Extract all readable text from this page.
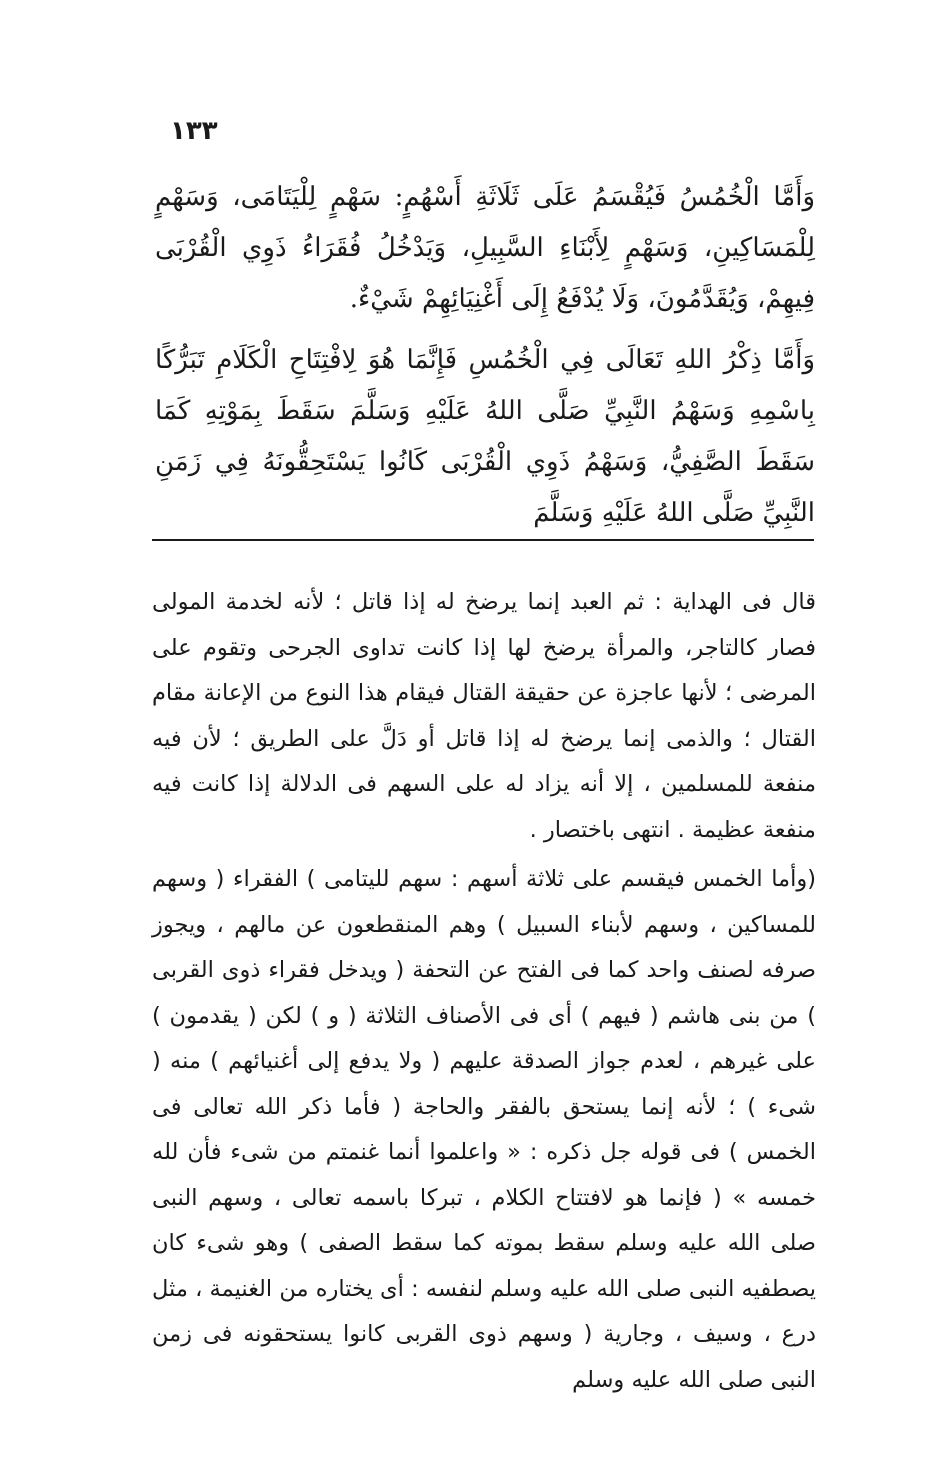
١٣٣

وَأَمَّا الْخُمُسُ فَيُقْسَمُ عَلَى ثَلَاثَةِ أَسْهُمٍ: سَهْمٍ لِلْيَتَامَى، وَسَهْمٍ لِلْمَسَاكِينِ، وَسَهْمٍ لِأَبْنَاءِ السَّبِيلِ، وَيَدْخُلُ فُقَرَاءُ ذَوِي الْقُرْبَى فِيهِمْ، وَيُقَدَّمُونَ، وَلَا يُدْفَعُ إِلَى أَغْنِيَائِهِمْ شَيْءٌ.

وَأَمَّا ذِكْرُ اللهِ تَعَالَى فِي الْخُمُسِ فَإِنَّمَا هُوَ لِافْتِتَاحِ الْكَلَامِ تَبَرُّكًا بِاسْمِهِ وَسَهْمُ النَّبِيِّ صَلَّى اللهُ عَلَيْهِ وَسَلَّمَ سَقَطَ بِمَوْتِهِ كَمَا سَقَطَ الصَّفِيُّ، وَسَهْمُ ذَوِي الْقُرْبَى كَانُوا يَسْتَحِقُّونَهُ فِي زَمَنِ النَّبِيِّ صَلَّى اللهُ عَلَيْهِ وَسَلَّمَ

قال فى الهداية : ثم العبد إنما يرضخ له إذا قاتل ؛ لأنه لخدمة المولى فصار كالتاجر، والمرأة يرضخ لها إذا كانت تداوى الجرحى وتقوم على المرضى ؛ لأنها عاجزة عن حقيقة القتال فيقام هذا النوع من الإعانة مقام القتال ؛ والذمى إنما يرضخ له إذا قاتل أو دَلَّ على الطريق ؛ لأن فيه منفعة للمسلمين ، إلا أنه يزاد له على السهم فى الدلالة إذا كانت فيه منفعة عظيمة . انتهى باختصار .

(وأما الخمس فيقسم على ثلاثة أسهم : سهم لليتامى ) الفقراء ( وسهم للمساكين ، وسهم لأبناء السبيل ) وهم المنقطعون عن مالهم ، ويجوز صرفه لصنف واحد كما فى الفتح عن التحفة ( ويدخل فقراء ذوى القربى ) من بنى هاشم ( فيهم ) أى فى الأصناف الثلاثة ( و ) لكن ( يقدمون ) على غيرهم ، لعدم جواز الصدقة عليهم ( ولا يدفع إلى أغنيائهم ) منه ( شىء ) ؛ لأنه إنما يستحق بالفقر والحاجة ( فأما ذكر الله تعالى فى الخمس ) فى قوله جل ذكره : « واعلموا أنما غنمتم من شىء فأن لله خمسه » ( فإنما هو لافتتاح الكلام ، تبركا باسمه تعالى ، وسهم النبى صلى الله عليه وسلم سقط بموته كما سقط الصفى ) وهو شىء كان يصطفيه النبى صلى الله عليه وسلم لنفسه : أى يختاره من الغنيمة ، مثل درع ، وسيف ، وجارية ( وسهم ذوى القربى كانوا يستحقونه فى زمن النبى صلى الله عليه وسلم
